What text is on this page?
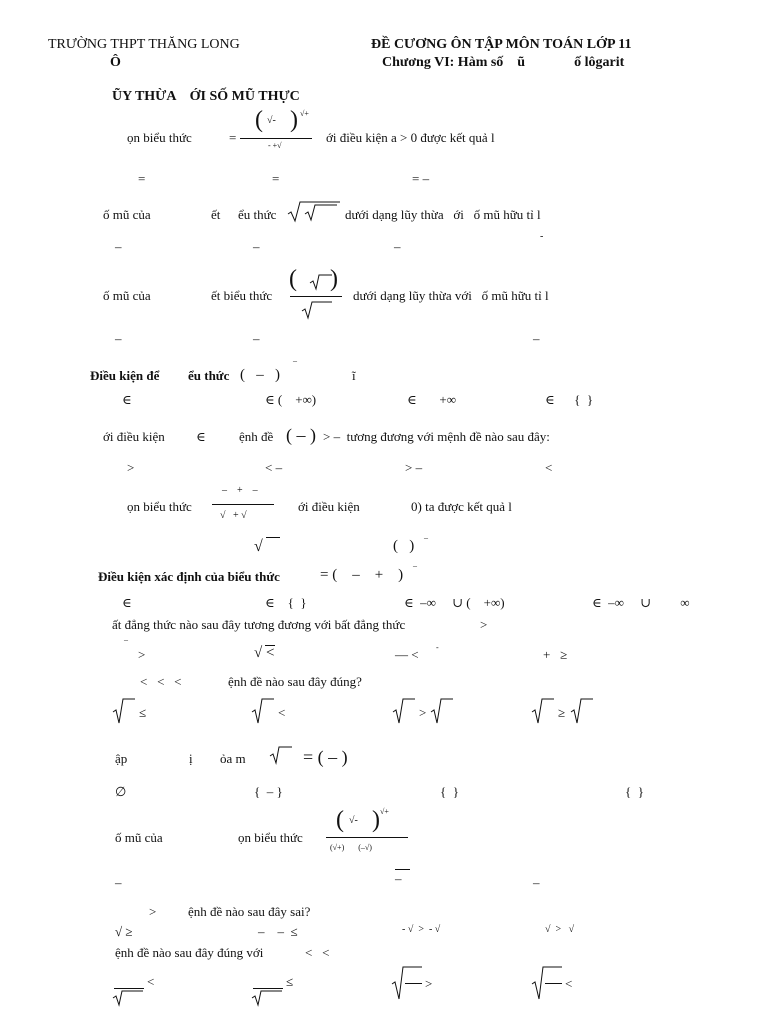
TRƯỜNG THPT THĂNG LONG
Ô
ĐỀ CƯƠNG ÔN TẬP MÔN TOÁN LỚP 11
Chương VI: Hàm số    ũ              ố lôgarit
ŨY THỪA    ỚI SỐ MŨ THỰC
ọn biểu thức	=
( √- ) √+
- +√
ới điều kiện a > 0 được kết quả l
=	=	= –
ố mũ của	ết ểu thức	dưới dạng lũy thừa   ới   ố mũ hữu tỉ l
–	–	–
-
ố mũ của	ết biểu thức
( )
dưới dạng lũy thừa với   ố mũ hữu tỉ l
–	–	–
Điều kiện để ểu thức (   –   )
–
ĩ
∈	∈ (    +∞)	∈       +∞	∈      {  }
ới điều kiện ∈	ệnh đề ( – ) > –  tương đương với mệnh đề nào sau đây:
>	< –	> –	<
ọn biểu thức
–    +    –
√   + √
ới điều kiện	0) ta được kết quả l
√	(   )
–
Điều kiện xác định của biểu thức	= (    –    +    )
–
∈	∈    {  }	∈  –∞     ∪ (    +∞)	∈  –∞     ∪         ∞
ất đẳng thức nào sau đây tương đương với bất đẳng thức	>
–
>	√ <	— < -	+   ≥
<   <   <	ệnh đề nào sau đây đúng?
≤	<	>	≥
ập	ị ỏa m	= ( – )
∅	{  – }	{  }	{  }
ố mũ của	ọn biểu thức
( √- ) √+
(√+)       (–√)
–	–	–
> ệnh đề nào sau đây sai?
√ ≥	–    –  ≤	- √  >  - √	√  >   √
ệnh đề nào sau đây đúng với	<   <
<	≤	>	<
